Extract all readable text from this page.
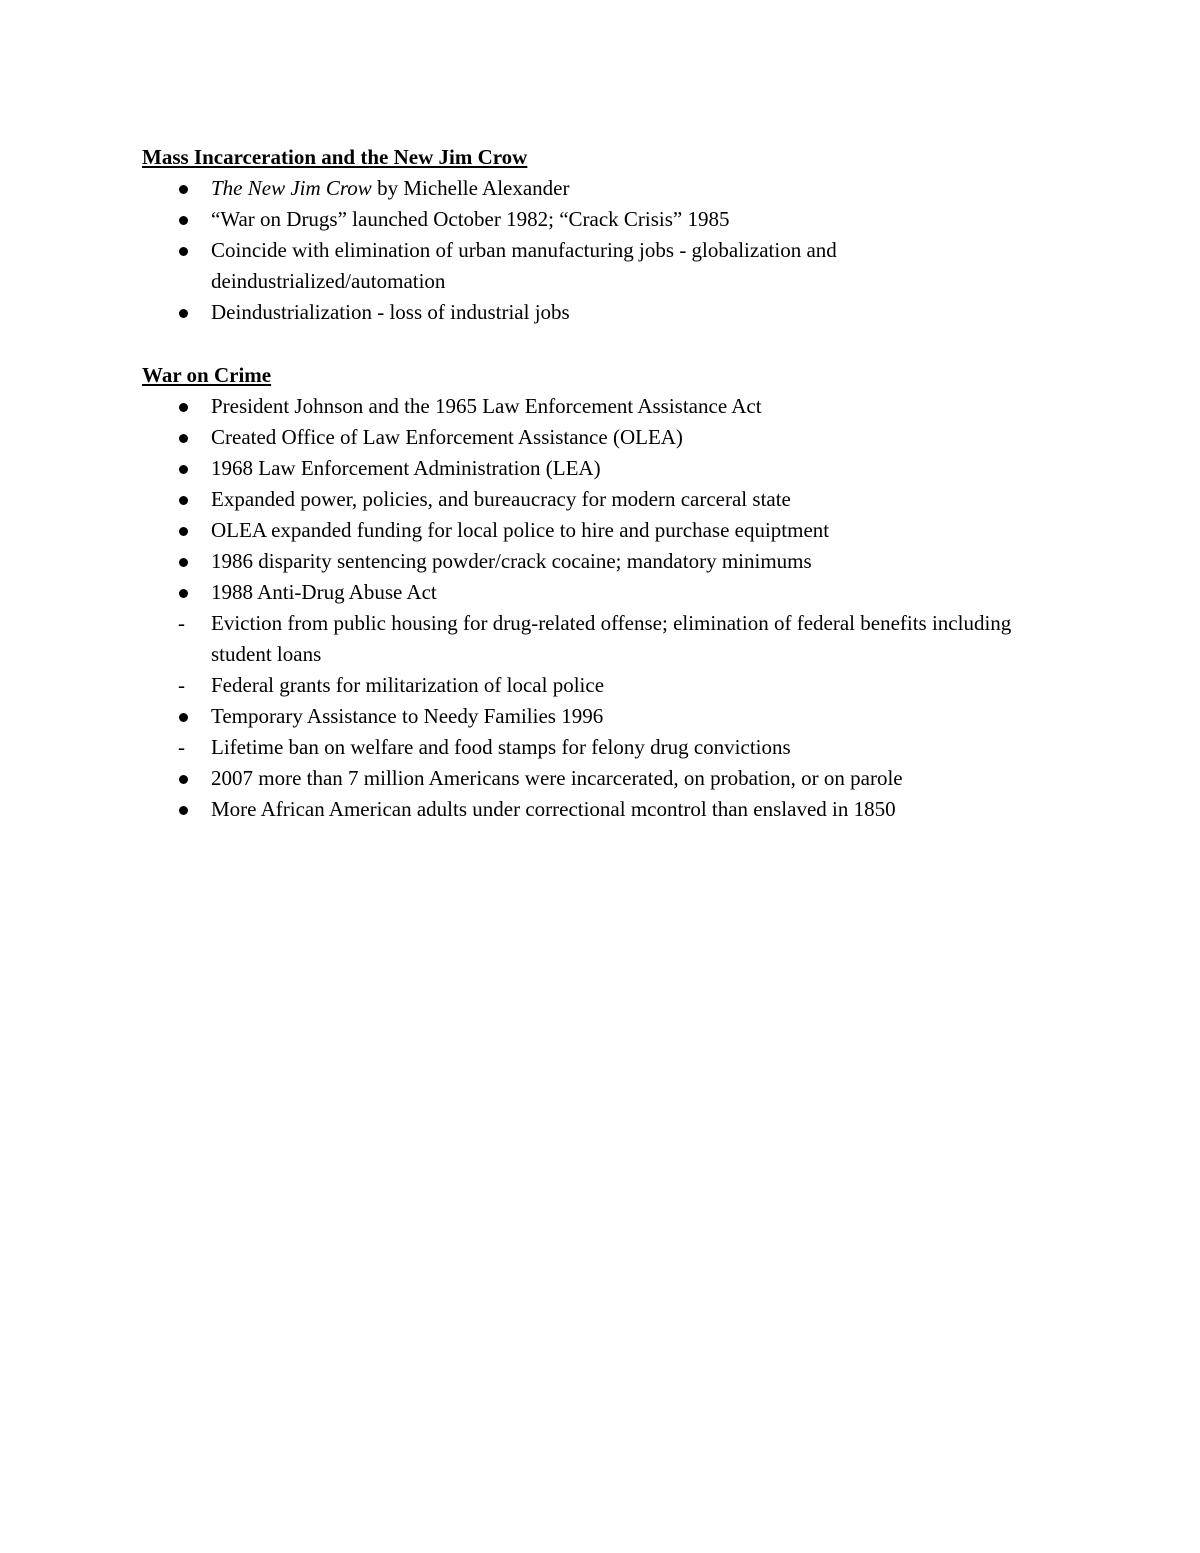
Mass Incarceration and the New Jim Crow
The New Jim Crow by Michelle Alexander
“War on Drugs” launched October 1982; “Crack Crisis” 1985
Coincide with elimination of urban manufacturing jobs - globalization and deindustrialized/automation
Deindustrialization - loss of industrial jobs
War on Crime
President Johnson and the 1965 Law Enforcement Assistance Act
Created Office of Law Enforcement Assistance (OLEA)
1968 Law Enforcement Administration (LEA)
Expanded power, policies, and bureaucracy for modern carceral state
OLEA expanded funding for local police to hire and purchase equiptment
1986 disparity sentencing powder/crack cocaine; mandatory minimums
1988 Anti-Drug Abuse Act
-
Eviction from public housing for drug-related offense; elimination of federal benefits including student loans
-
Federal grants for militarization of local police
Temporary Assistance to Needy Families 1996
-
Lifetime ban on welfare and food stamps for felony drug convictions
2007 more than 7 million Americans were incarcerated, on probation, or on parole
More African American adults under correctional mcontrol than enslaved in 1850
